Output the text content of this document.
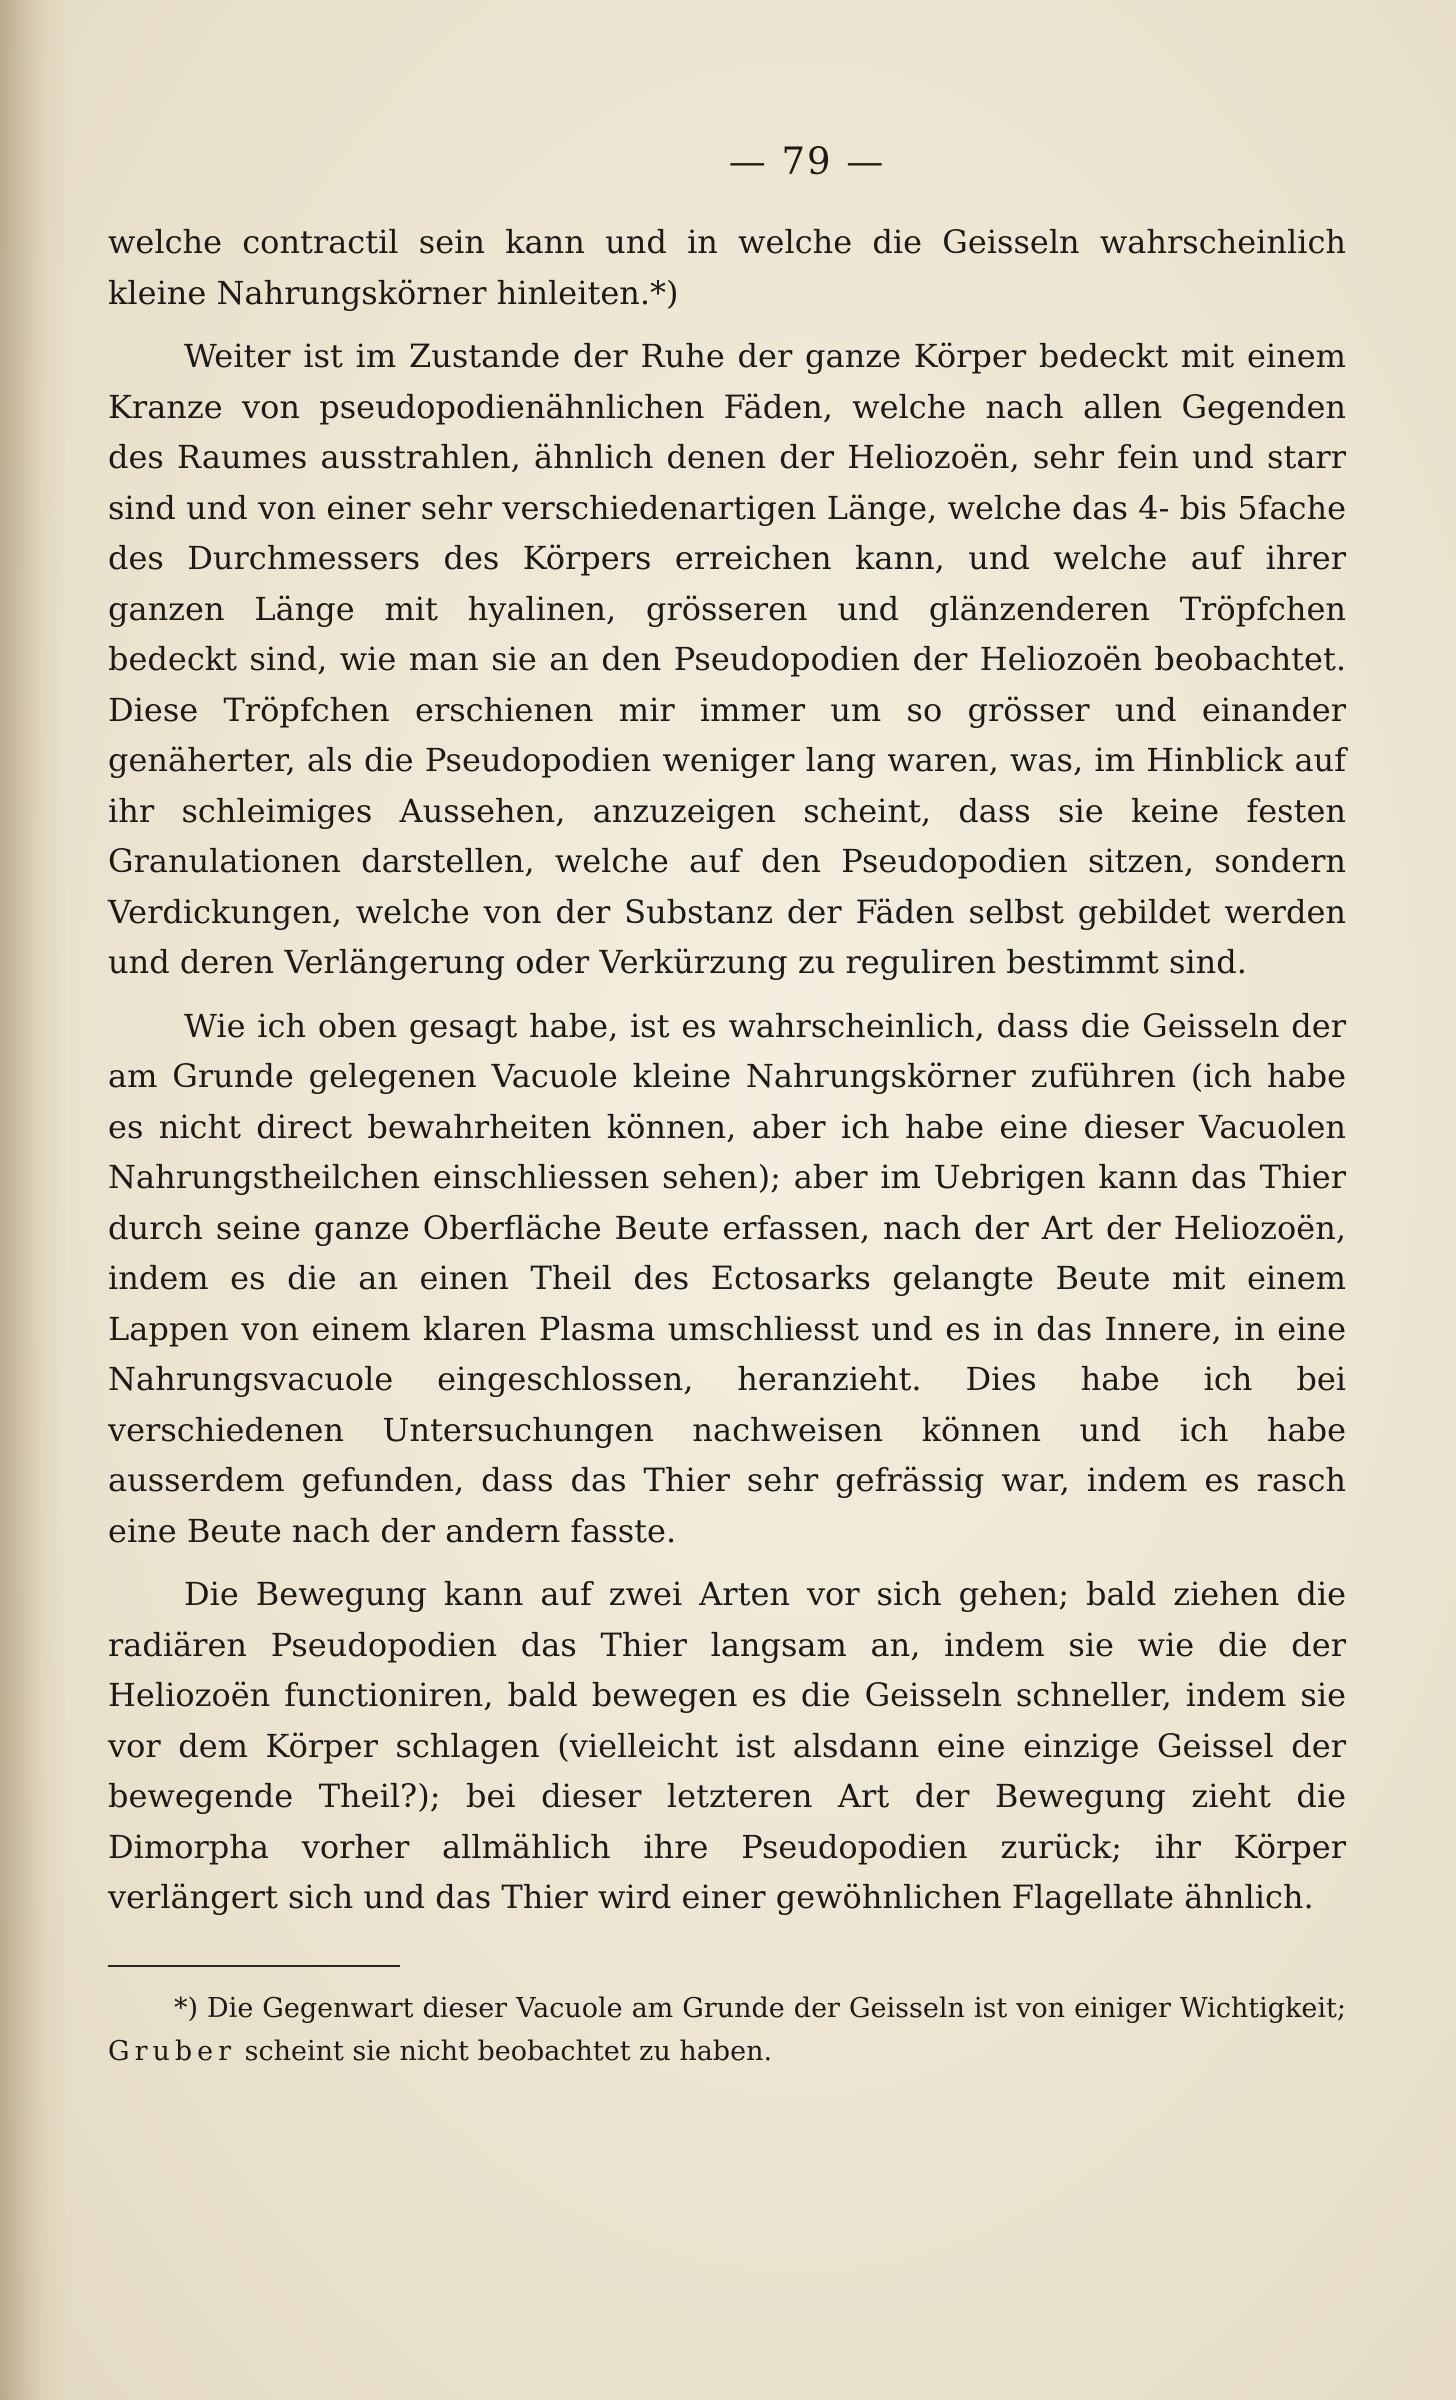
— 79 —

welche contractil sein kann und in welche die Geisseln wahrscheinlich kleine Nahrungskörner hinleiten.*)

Weiter ist im Zustande der Ruhe der ganze Körper bedeckt mit einem Kranze von pseudopodienähnlichen Fäden, welche nach allen Gegenden des Raumes ausstrahlen, ähnlich denen der Heliozoën, sehr fein und starr sind und von einer sehr verschiedenartigen Länge, welche das 4- bis 5fache des Durchmessers des Körpers erreichen kann, und welche auf ihrer ganzen Länge mit hyalinen, grösseren und glänzenderen Tröpfchen bedeckt sind, wie man sie an den Pseudopodien der Heliozoën beobachtet. Diese Tröpfchen erschienen mir immer um so grösser und einander genäherter, als die Pseudopodien weniger lang waren, was, im Hinblick auf ihr schleimiges Aussehen, anzuzeigen scheint, dass sie keine festen Granulationen darstellen, welche auf den Pseudopodien sitzen, sondern Verdickungen, welche von der Substanz der Fäden selbst gebildet werden und deren Verlängerung oder Verkürzung zu reguliren bestimmt sind.

Wie ich oben gesagt habe, ist es wahrscheinlich, dass die Geisseln der am Grunde gelegenen Vacuole kleine Nahrungskörner zuführen (ich habe es nicht direct bewahrheiten können, aber ich habe eine dieser Vacuolen Nahrungstheilchen einschliessen sehen); aber im Uebrigen kann das Thier durch seine ganze Oberfläche Beute erfassen, nach der Art der Heliozoën, indem es die an einen Theil des Ectosarks gelangte Beute mit einem Lappen von einem klaren Plasma umschliesst und es in das Innere, in eine Nahrungsvacuole eingeschlossen, heranzieht. Dies habe ich bei verschiedenen Untersuchungen nachweisen können und ich habe ausserdem gefunden, dass das Thier sehr gefrässig war, indem es rasch eine Beute nach der andern fasste.

Die Bewegung kann auf zwei Arten vor sich gehen; bald ziehen die radiären Pseudopodien das Thier langsam an, indem sie wie die der Heliozoën functioniren, bald bewegen es die Geisseln schneller, indem sie vor dem Körper schlagen (vielleicht ist alsdann eine einzige Geissel der bewegende Theil?); bei dieser letzteren Art der Bewegung zieht die Dimorpha vorher allmählich ihre Pseudopodien zurück; ihr Körper verlängert sich und das Thier wird einer gewöhnlichen Flagellate ähnlich.

*) Die Gegenwart dieser Vacuole am Grunde der Geisseln ist von einiger Wichtigkeit; Gruber scheint sie nicht beobachtet zu haben.
